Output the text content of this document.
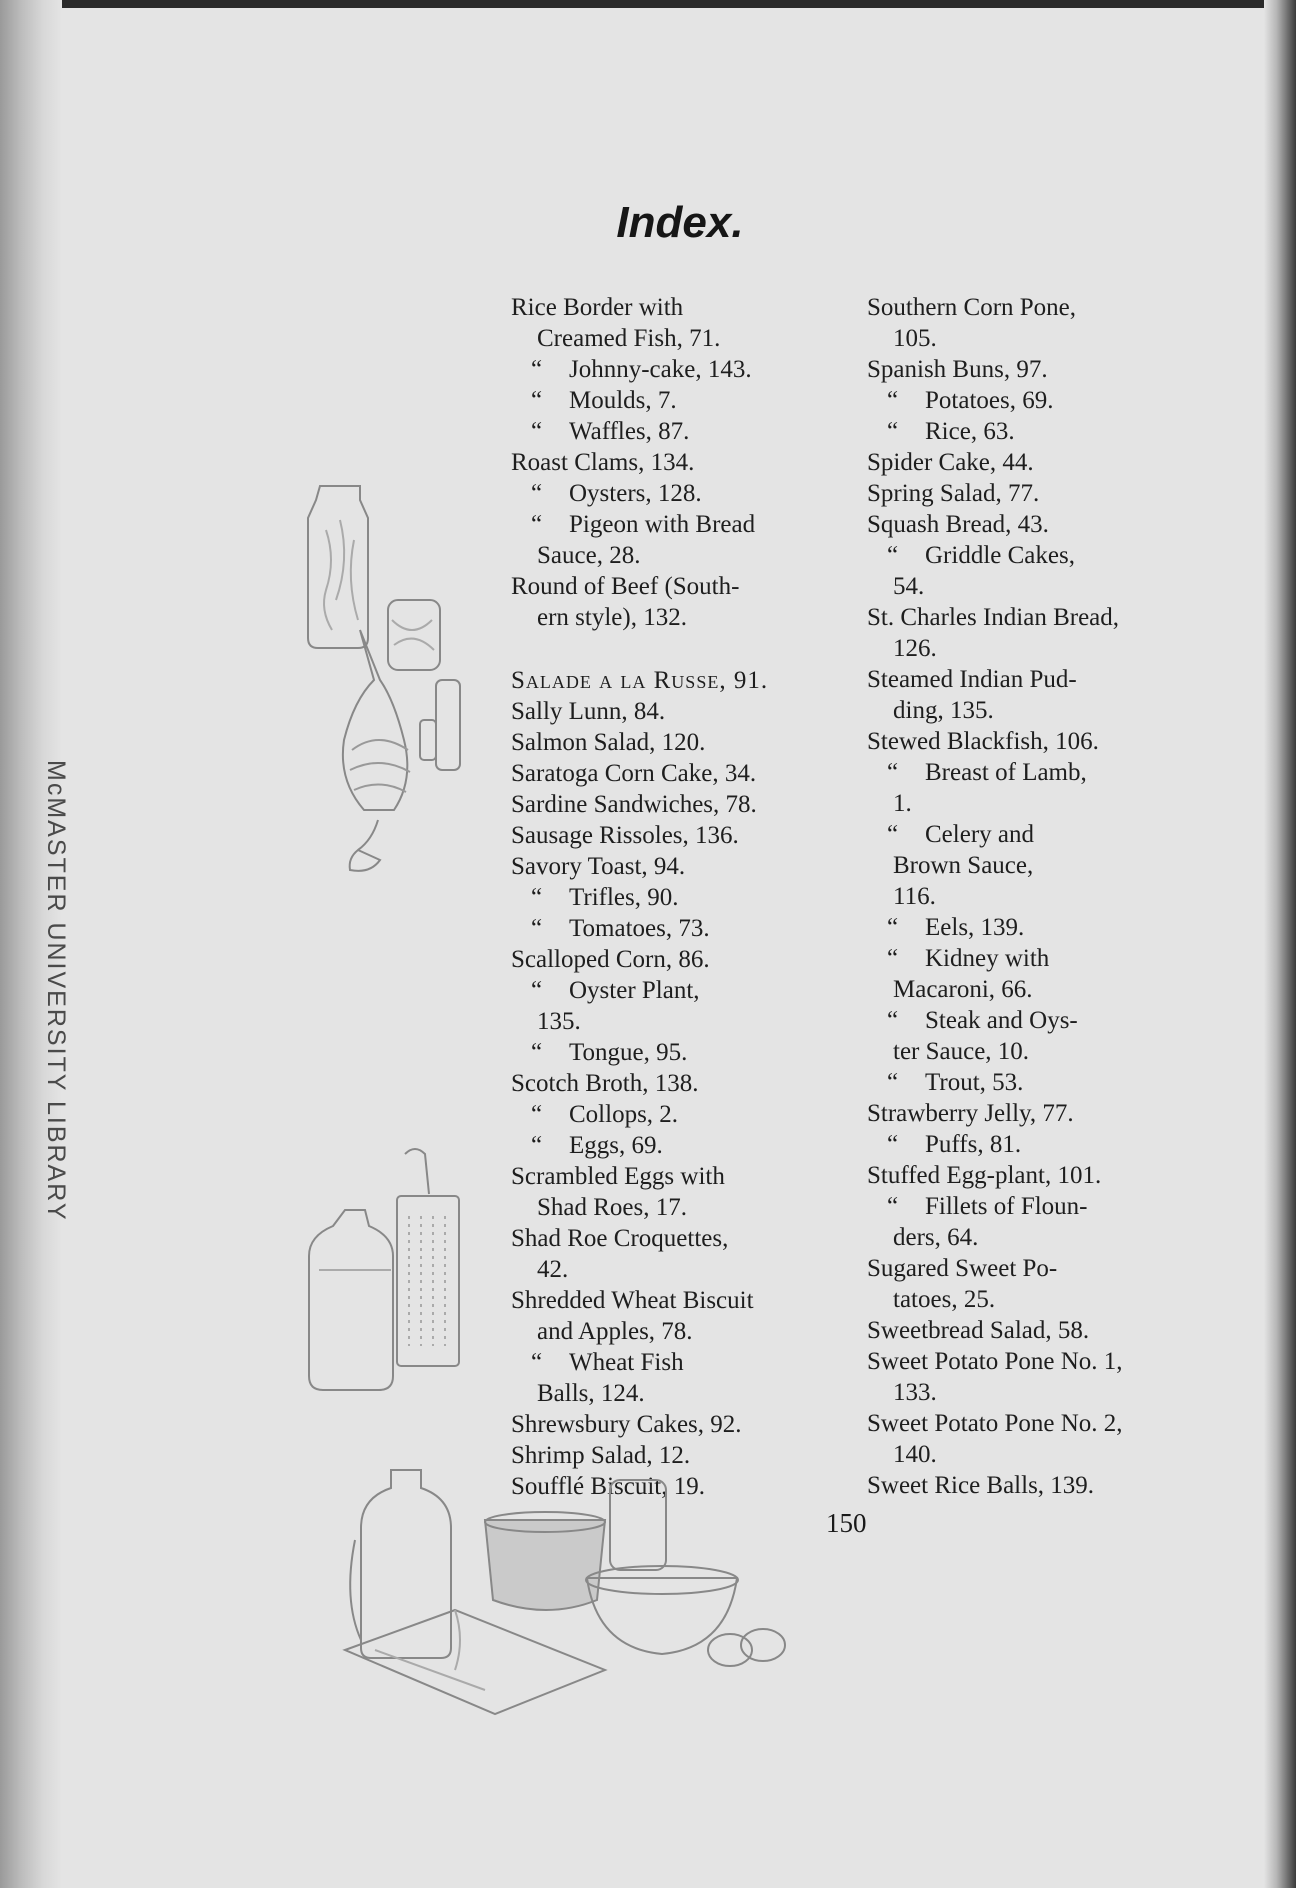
McMASTER UNIVERSITY LIBRARY
Index.
Rice Border with
Creamed Fish, 71.
“ Johnny-cake, 143.
“ Moulds, 7.
“ Waffles, 87.
Roast Clams, 134.
“ Oysters, 128.
“ Pigeon with Bread
Sauce, 28.
Round of Beef (South-
ern style), 132.
Salade a la Russe, 91.
Sally Lunn, 84.
Salmon Salad, 120.
Saratoga Corn Cake, 34.
Sardine Sandwiches, 78.
Sausage Rissoles, 136.
Savory Toast, 94.
“ Trifles, 90.
“ Tomatoes, 73.
Scalloped Corn, 86.
“ Oyster Plant,
135.
“ Tongue, 95.
Scotch Broth, 138.
“ Collops, 2.
“ Eggs, 69.
Scrambled Eggs with
Shad Roes, 17.
Shad Roe Croquettes,
42.
Shredded Wheat Biscuit
and Apples, 78.
“ Wheat Fish
Balls, 124.
Shrewsbury Cakes, 92.
Shrimp Salad, 12.
Soufflé Biscuit, 19.
Southern Corn Pone,
105.
Spanish Buns, 97.
“ Potatoes, 69.
“ Rice, 63.
Spider Cake, 44.
Spring Salad, 77.
Squash Bread, 43.
“ Griddle Cakes,
54.
St. Charles Indian Bread,
126.
Steamed Indian Pud-
ding, 135.
Stewed Blackfish, 106.
“ Breast of Lamb,
1.
“ Celery and
Brown Sauce,
116.
“ Eels, 139.
“ Kidney with
Macaroni, 66.
“ Steak and Oys-
ter Sauce, 10.
“ Trout, 53.
Strawberry Jelly, 77.
“ Puffs, 81.
Stuffed Egg-plant, 101.
“ Fillets of Floun-
ders, 64.
Sugared Sweet Po-
tatoes, 25.
Sweetbread Salad, 58.
Sweet Potato Pone No. 1,
133.
Sweet Potato Pone No. 2,
140.
Sweet Rice Balls, 139.
150
